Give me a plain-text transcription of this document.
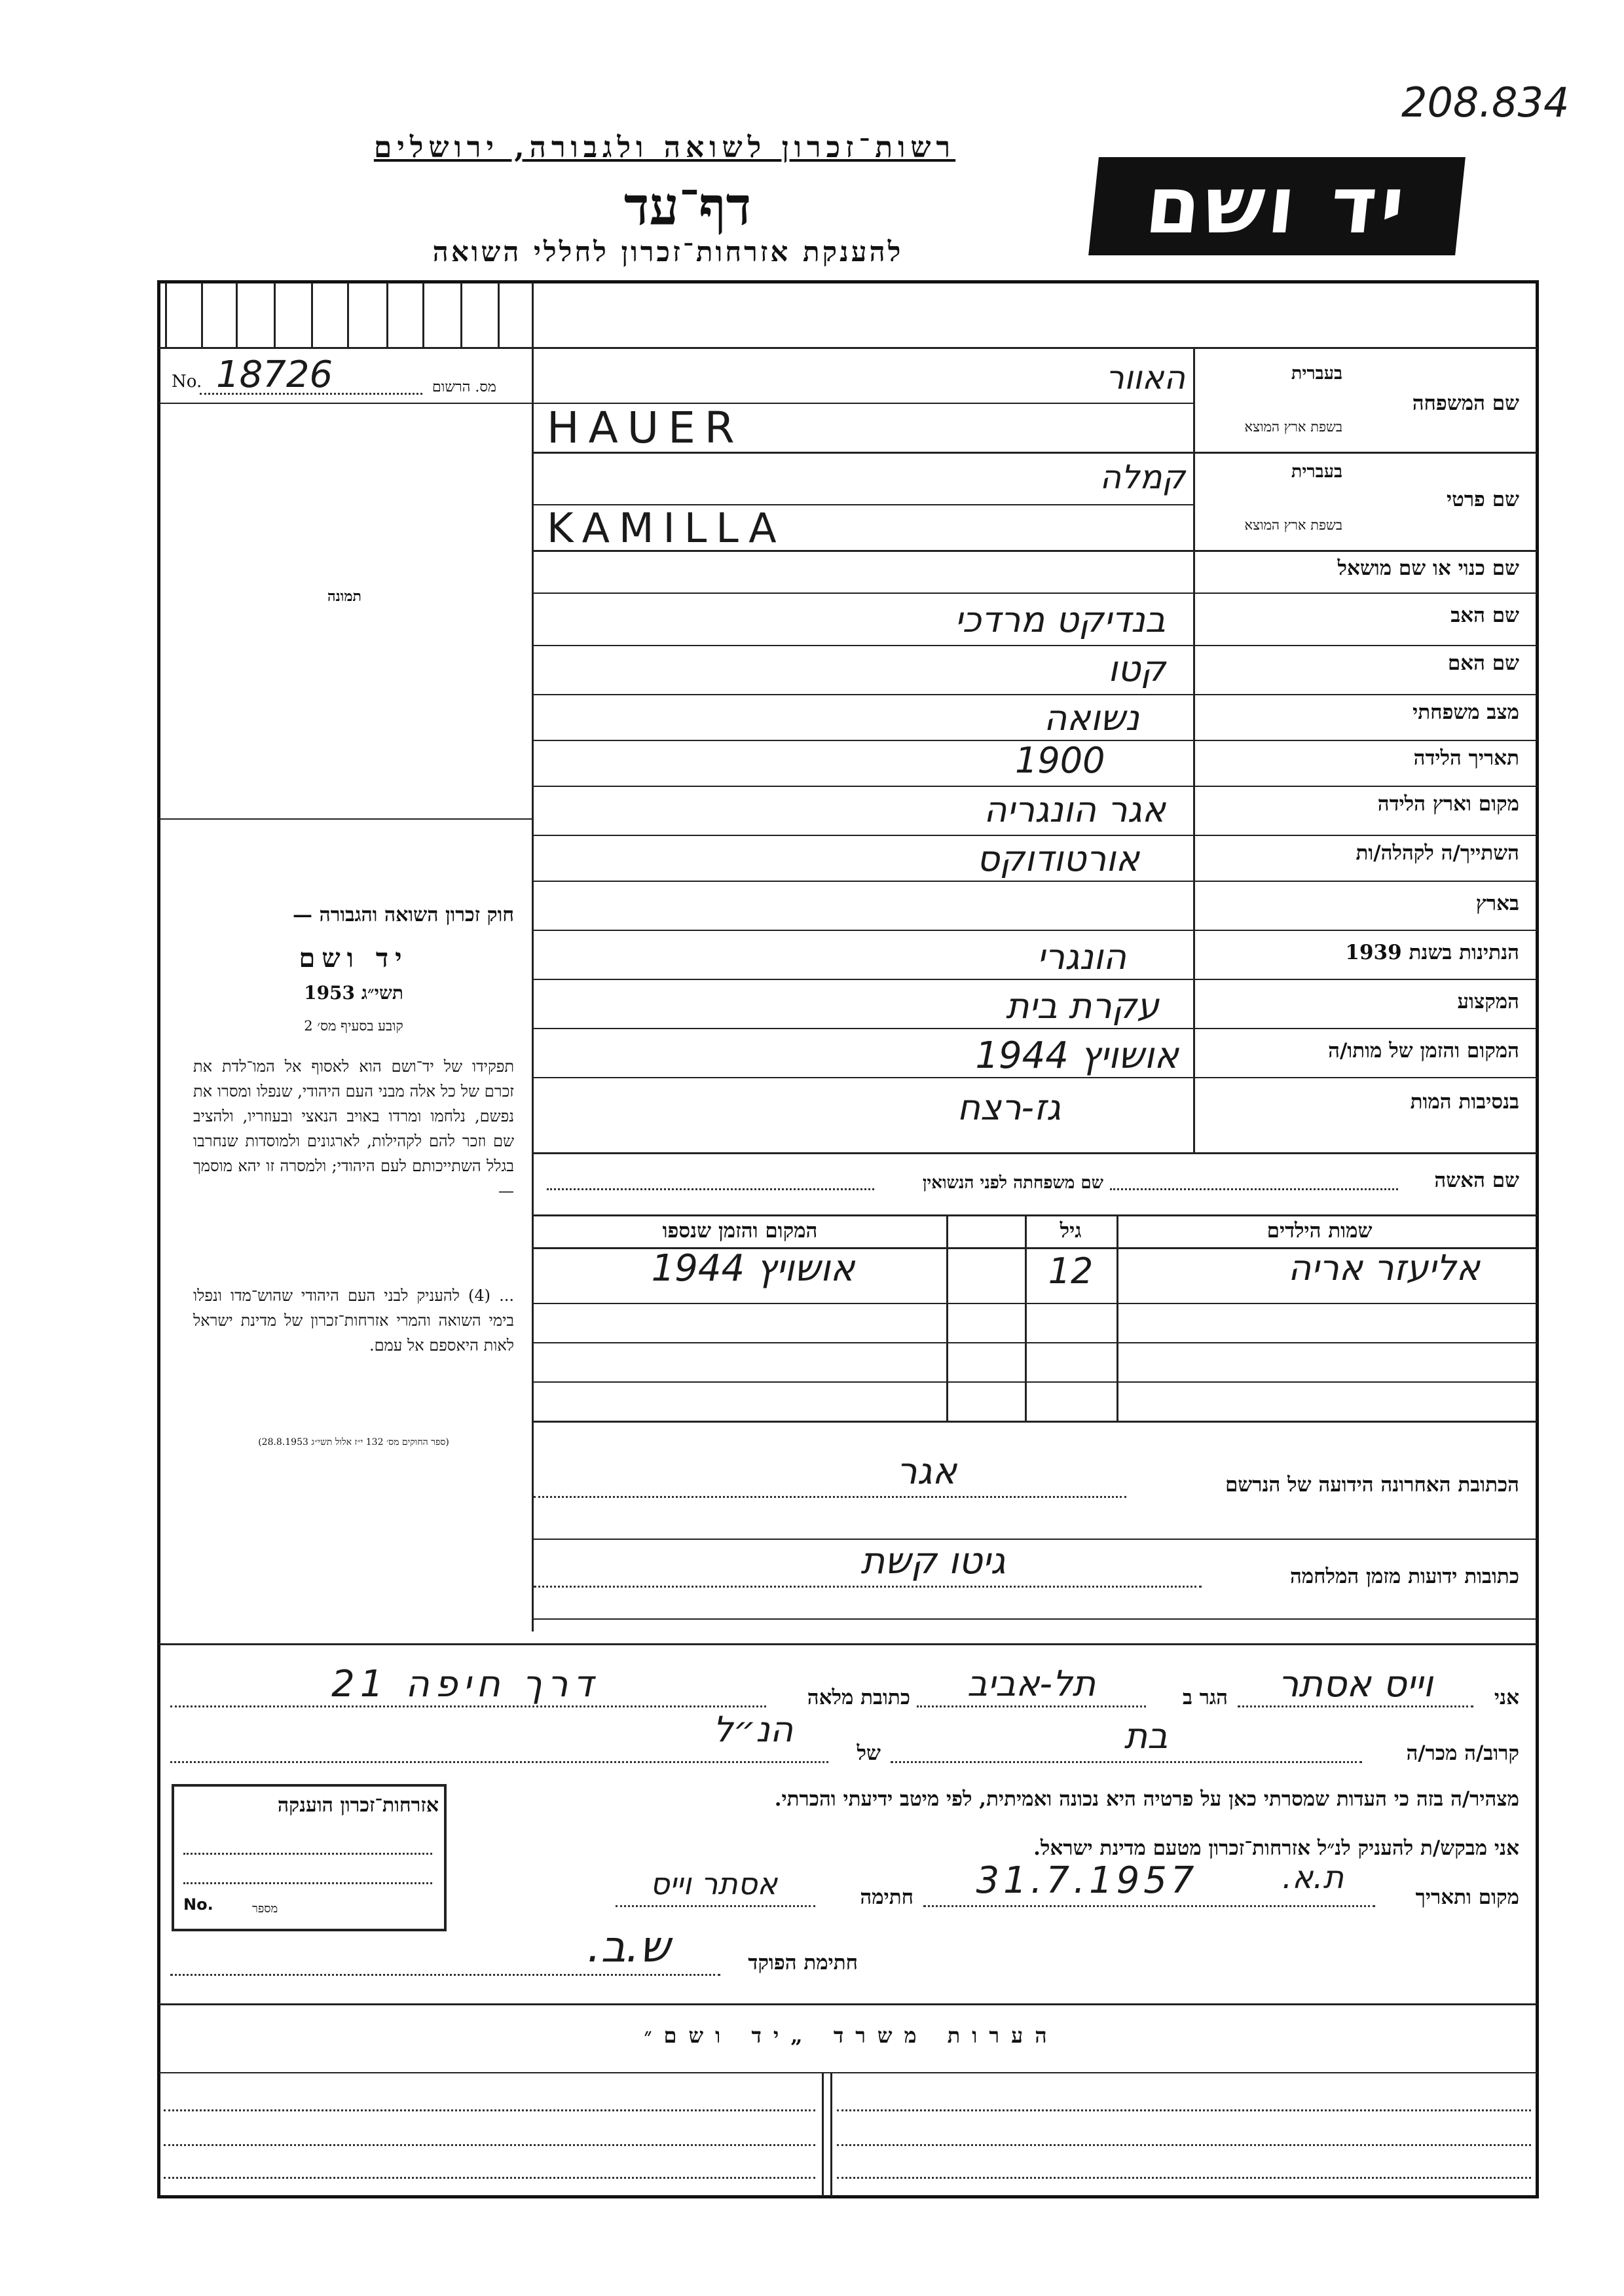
208.834
רשות־זכרון לשואה ולגבורה, ירושלים
דף־עד
להענקת אזרחות־זכרון לחללי השואה
יד ושם
No. 18726	מס. הרשום
תמונה
חוק זכרון השואה והגבורה —
יד ושם
תשי״ג 1953
קובע בסעיף מס׳ 2
תפקידו של יד־ושם הוא לאסוף אל המו־לדת את זכרם של כל אלה מבני העם היהודי, שנפלו ומסרו את נפשם, נלחמו ומרדו באויב הנאצי ובעוזריו, ולהציב שם וזכר להם לקהילות, לארגונים ולמוסדות שנחרבו בגלל השתייכותם לעם היהודי; ולמסרה זו יהא מוסמך —
... (4) להעניק לבני העם היהודי שהוש־מדו ונפלו בימי השואה והמרי אזרחות־זכרון של מדינת ישראל לאות היאספם אל עמם.
(ספר החוקים מס׳ 132 י״ז אלול תשי״ג 28.8.1953)
שם המשפחה
בעברית
בשפת ארץ המוצא
האוור
HAUER
שם פרטי
בעברית
בשפת ארץ המוצא
קמלה
KAMILLA
שם כנוי או שם מושאל
שם האב
בנדיקט מרדכי
שם האם
קטו
מצב משפחתי
נשואה
תאריך הלידה
1900
מקום וארץ הלידה
אגר הונגריה
השתייך/ה לקהלה/ות
אורטודוקס
בארץ
הנתינות בשנת 1939
הונגרי
המקצוע
עקרת בית
המקום והזמן של מותו/ה
אושויץ 1944
בנסיבות המות
גז-רצח
שם האשה
שם משפחתה לפני הנשואין
שמות הילדים
גיל
המקום והזמן שנספו
אליעזר אריה
12
אושויץ 1944
הכתובת האחרונה הידועה של הנרשם
אגר
כתובות ידועות מזמן המלחמה
גיטו קשת
אני
וייס אסתר
הגר ב
תל-אביב
כתובת מלאה
דרך חיפה 21
קרוב/ה מכר/ה
בת
של
הנ״ל
מצהיר/ה בזה כי העדות שמסרתי כאן על פרטיה היא נכונה ואמיתית, לפי מיטב ידיעתי והכרתי.
אני מבקש/ת להעניק לנ״ל אזרחות־זכרון מטעם מדינת ישראל.
מקום ותאריך
ת.א.
31.7.1957
חתימה
אסתר וייס
חתימת הפוקד
ש.ב.
אזרחות־זכרון הוענקה
No.	מספר
הערות משרד „יד ושם״
